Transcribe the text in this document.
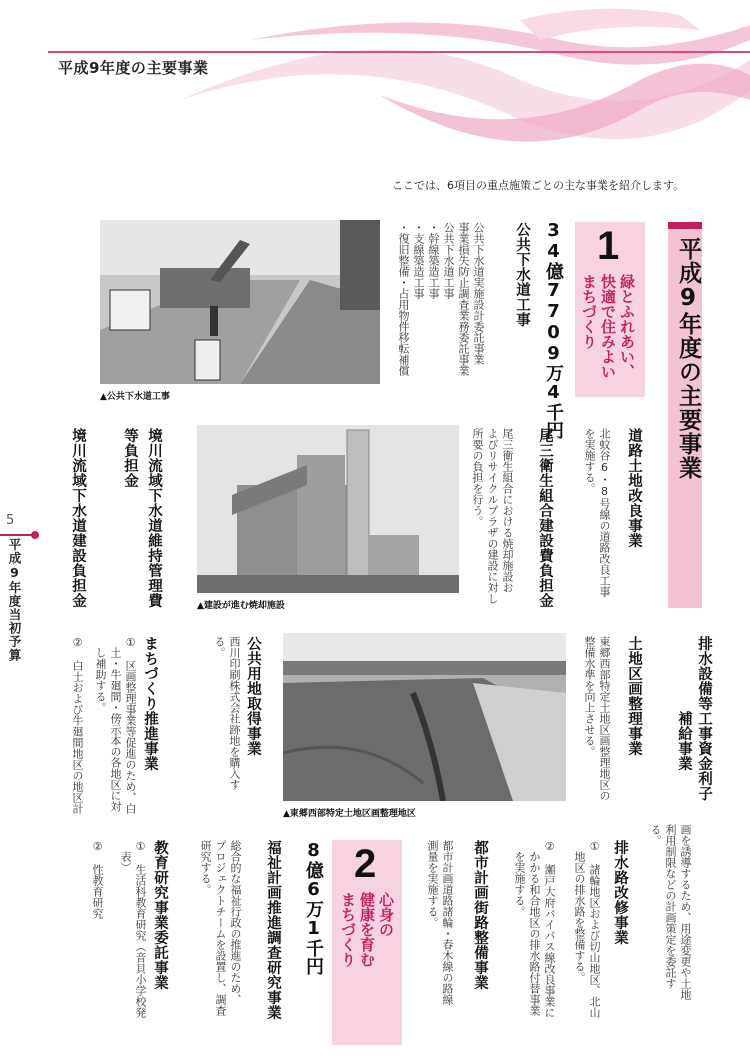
平成9年度の主要事業
ここでは、6項目の重点施策ごとの主な事業を紹介します。
5
平成9年度当初予算
平成9年度の主要事業
1
緑とふれあい、
快適で住みよい
まちづくり
34億7709万4千円
公共下水道工事
公共下水道実施設計委託事業
事業損失防止調査業務委託事業
公共下水道工事
・幹線築造工事
・支線築造工事
・復旧整備・占用物件移転補償
▲公共下水道工事
道路土地改良事業
北蚊谷6・8号線の道路改良工事
を実施する。
尾三衛生組合建設費負担金
尾三衛生組合における焼却施設お
よびリサイクルプラザの建設に対し
所要の負担を行う。
▲建設が進む焼却施設
境川流域下水道維持管理費
等負担金
境川流域下水道建設負担金
排水設備等工事資金利子
　　　　　補給事業
画を誘導するため、用途変更や土地
利用制限などの計画策定を委託す
る。
土地区画整理事業
東郷西部特定土地区画整理地区の
整備水準を向上させる。
▲東郷西部特定土地区画整理地区
公共用地取得事業
西川印刷株式会社跡地を購入す
る。
まちづくり推進事業
①　区画整理事業等促進のため、白
　土・牛廻間・傍示本の各地区に対
　し補助する。
②　白土および牛廻間地区の地区計
排水路改修事業
①　諸輪地区および切山地区、北山
　地区の排水路を整備する。
②　瀬戸大府バイパス線改良事業に
　かかる和合地区の排水路付替事業
　を実施する。
都市計画街路整備事業
都市計画道路諸輪・春木線の路線
測量を実施する。
2
心身の
健康を育む
まちづくり
8億6万1千円
福祉計画推進調査研究事業
総合的な福祉行政の推進のため、
プロジェクトチームを設置し、調査
研究する。
教育研究事業委託事業
①　生活科教育研究（音貝小学校発
　表）
②　性教育研究
